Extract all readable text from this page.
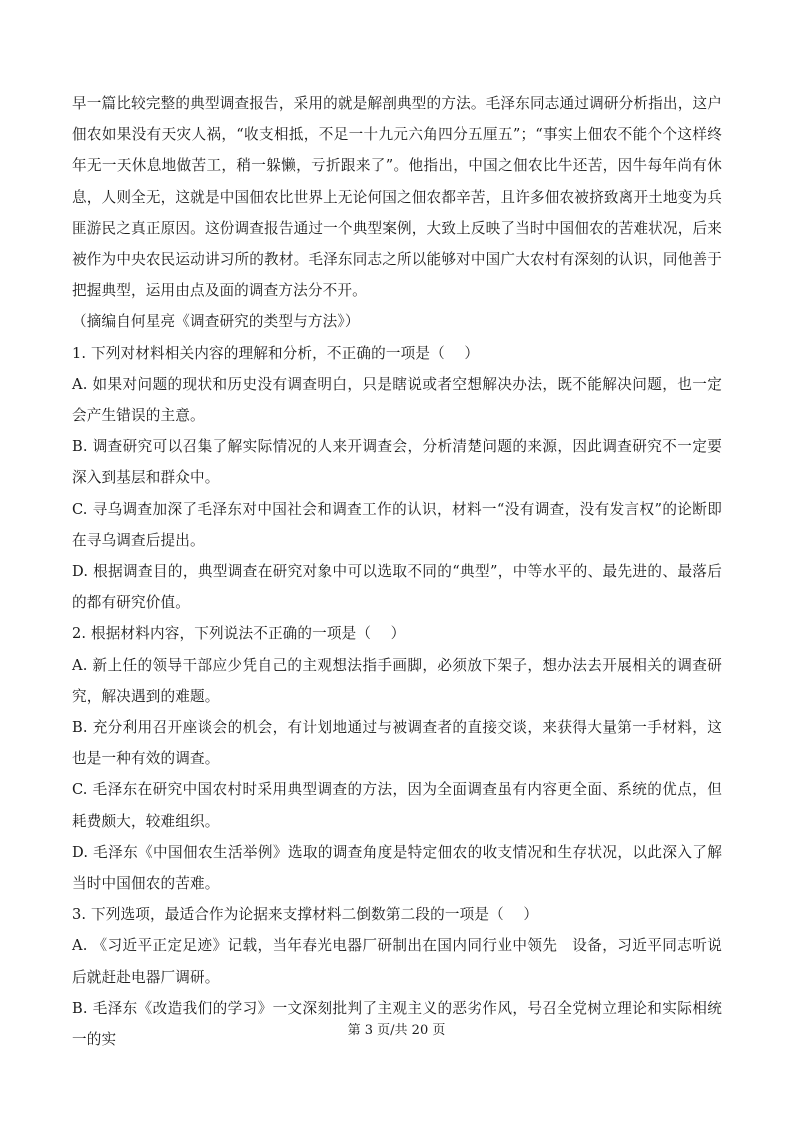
早一篇比较完整的典型调查报告，采用的就是解剖典型的方法。毛泽东同志通过调研分析指出，这户佃农如果没有天灾人祸，“收支相抵，不足一十九元六角四分五厘五”；“事实上佃农不能个个这样终年无一天休息地做苦工，稍一躲懒，亏折跟来了”。他指出，中国之佃农比牛还苦，因牛每年尚有休息，人则全无，这就是中国佃农比世界上无论何国之佃农都辛苦，且许多佃农被挤致离开土地变为兵匪游民之真正原因。这份调查报告通过一个典型案例，大致上反映了当时中国佃农的苦难状况，后来被作为中央农民运动讲习所的教材。毛泽东同志之所以能够对中国广大农村有深刻的认识，同他善于把握典型，运用由点及面的调查方法分不开。

（摘编自何星亮《调查研究的类型与方法》）

1. 下列对材料相关内容的理解和分析，不正确的一项是（　 ）

A. 如果对问题的现状和历史没有调查明白，只是瞎说或者空想解决办法，既不能解决问题，也一定会产生错误的主意。

B. 调查研究可以召集了解实际情况的人来开调查会，分析清楚问题的来源，因此调查研究不一定要深入到基层和群众中。

C. 寻乌调查加深了毛泽东对中国社会和调查工作的认识，材料一“没有调查，没有发言权”的论断即在寻乌调查后提出。

D. 根据调查目的，典型调查在研究对象中可以选取不同的“典型”，中等水平的、最先进的、最落后的都有研究价值。

2. 根据材料内容，下列说法不正确的一项是（　 ）

A. 新上任的领导干部应少凭自己的主观想法指手画脚，必须放下架子，想办法去开展相关的调查研究，解决遇到的难题。

B. 充分利用召开座谈会的机会，有计划地通过与被调查者的直接交谈，来获得大量第一手材料，这也是一种有效的调查。

C. 毛泽东在研究中国农村时采用典型调查的方法，因为全面调查虽有内容更全面、系统的优点，但耗费颇大，较难组织。

D. 毛泽东《中国佃农生活举例》选取的调查角度是特定佃农的收支情况和生存状况，以此深入了解当时中国佃农的苦难。

3. 下列选项，最适合作为论据来支撑材料二倒数第二段的一项是（　 ）

A. 《习近平正定足迹》记载，当年春光电器厂研制出在国内同行业中领先　设备，习近平同志听说后就赶赴电器厂调研。

B. 毛泽东《改造我们的学习》一文深刻批判了主观主义的恶劣作风，号召全党树立理论和实际相统一的实

第 3 页/共 20 页
